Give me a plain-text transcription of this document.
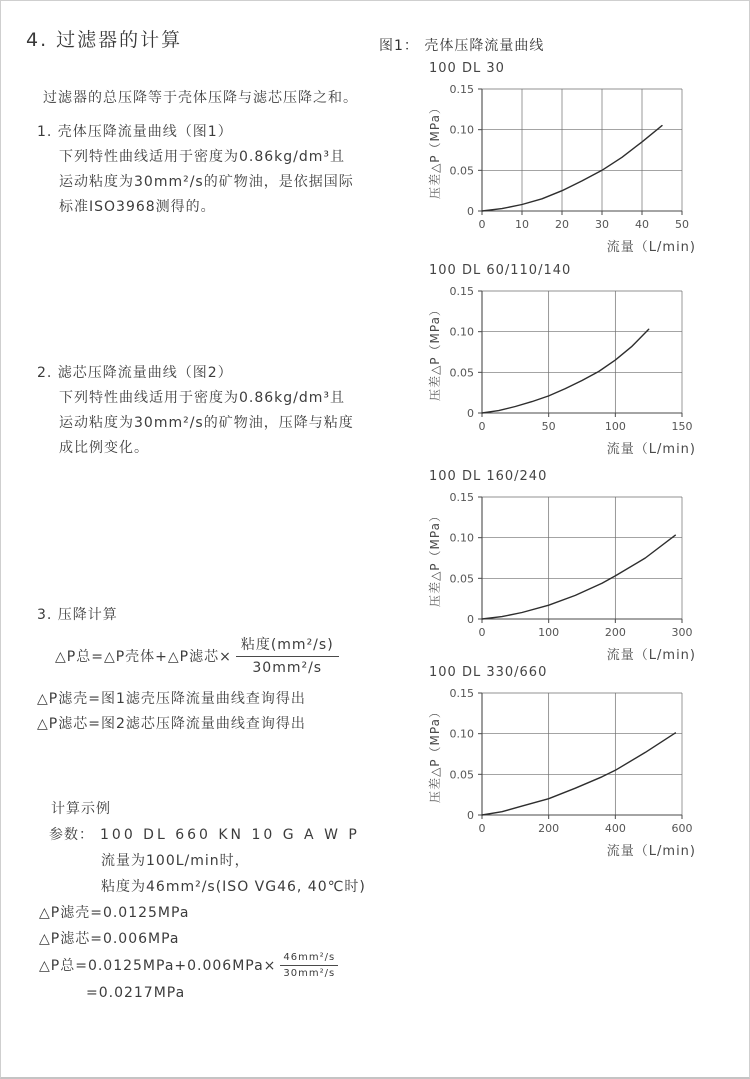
4. 过滤器的计算
过滤器的总压降等于壳体压降与滤芯压降之和。
1. 壳体压降流量曲线（图1）
下列特性曲线适用于密度为0.86kg/dm³且
运动粘度为30mm²/s的矿物油，是依据国际
标准ISO3968测得的。
2. 滤芯压降流量曲线（图2）
下列特性曲线适用于密度为0.86kg/dm³且
运动粘度为30mm²/s的矿物油，压降与粘度
成比例变化。
3. 压降计算
△P总=△P壳体+△P滤芯× $\frac{\text{粘度(mm²/s)}}{\text{30mm²/s}}$
△P滤壳=图1滤壳压降流量曲线查询得出
△P滤芯=图2滤芯压降流量曲线查询得出
计算示例
参数： 100 DL 660 KN 10 G A W P
流量为100L/min时，
粘度为46mm²/s(ISO VG46, 40℃时)
△P滤壳=0.0125MPa
△P滤芯=0.006MPa
△P总$=0.0125MPa+0.006MPa\times \frac{\text{46mm²/s}}{\text{30mm²/s}}$
=0.0217MPa
图1： 壳体压降流量曲线
100 DL 30
0	10 20 30 40 50
0
0.05
0.10
0.15
压差△P（MPa）
流量（L/min)
100 DL 60/110/140
0	50	100	150
0
0.05
0.10
0.15
压差△P（MPa）
流量（L/min)
100 DL 160/240
0	100	200	300
0
0.05
0.10
0.15
压差△P（MPa）
流量（L/min)
100 DL 330/660
0	200	400	600
0
0.05
0.10
0.15
压差△P（MPa）
流量（L/min)
